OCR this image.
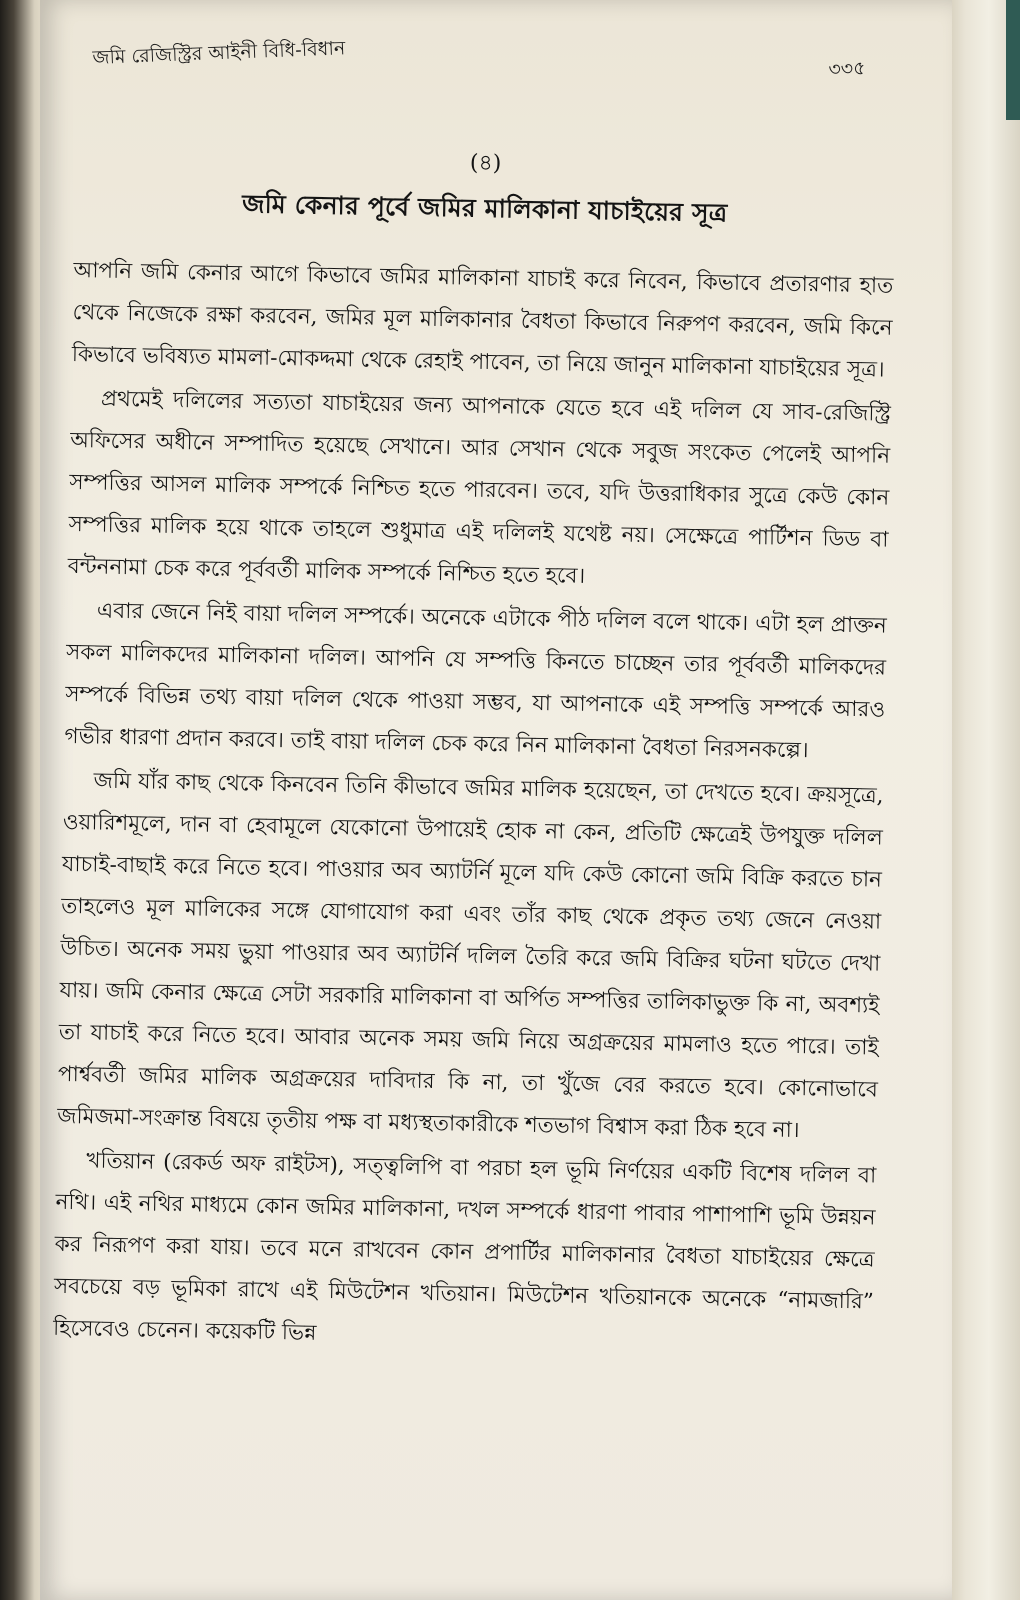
জমি রেজিস্ট্রির আইনী বিধি-বিধান
৩৩৫
(৪)
জমি কেনার পূর্বে জমির মালিকানা যাচাইয়ের সূত্র

আপনি জমি কেনার আগে কিভাবে জমির মালিকানা যাচাই করে নিবেন, কিভাবে প্রতারণার হাত থেকে নিজেকে রক্ষা করবেন, জমির মূল মালিকানার বৈধতা কিভাবে নিরুপণ করবেন, জমি কিনে কিভাবে ভবিষ্যত মামলা-মোকদ্দমা থেকে রেহাই পাবেন, তা নিয়ে জানুন মালিকানা যাচাইয়ের সূত্র।

প্রথমেই দলিলের সত্যতা যাচাইয়ের জন্য আপনাকে যেতে হবে এই দলিল যে সাব-রেজিস্ট্রি অফিসের অধীনে সম্পাদিত হয়েছে সেখানে। আর সেখান থেকে সবুজ সংকেত পেলেই আপনি সম্পত্তির আসল মালিক সম্পর্কে নিশ্চিত হতে পারবেন। তবে, যদি উত্তরাধিকার সুত্রে কেউ কোন সম্পত্তির মালিক হয়ে থাকে তাহলে শুধুমাত্র এই দলিলই যথেষ্ট নয়। সেক্ষেত্রে পার্টিশন ডিড বা বন্টননামা চেক করে পূর্ববর্তী মালিক সম্পর্কে নিশ্চিত হতে হবে।

এবার জেনে নিই বায়া দলিল সম্পর্কে। অনেকে এটাকে পীঠ দলিল বলে থাকে। এটা হল প্রাক্তন সকল মালিকদের মালিকানা দলিল। আপনি যে সম্পত্তি কিনতে চাচ্ছেন তার পূর্ববর্তী মালিকদের সম্পর্কে বিভিন্ন তথ্য বায়া দলিল থেকে পাওয়া সম্ভব, যা আপনাকে এই সম্পত্তি সম্পর্কে আরও গভীর ধারণা প্রদান করবে। তাই বায়া দলিল চেক করে নিন মালিকানা বৈধতা নিরসনকল্পে।

জমি যাঁর কাছ থেকে কিনবেন তিনি কীভাবে জমির মালিক হয়েছেন, তা দেখতে হবে। ক্রয়সূত্রে, ওয়ারিশমূলে, দান বা হেবামূলে যেকোনো উপায়েই হোক না কেন, প্রতিটি ক্ষেত্রেই উপযুক্ত দলিল যাচাই-বাছাই করে নিতে হবে। পাওয়ার অব অ্যাটর্নি মূলে যদি কেউ কোনো জমি বিক্রি করতে চান তাহলেও মূল মালিকের সঙ্গে যোগাযোগ করা এবং তাঁর কাছ থেকে প্রকৃত তথ্য জেনে নেওয়া উচিত। অনেক সময় ভুয়া পাওয়ার অব অ্যাটর্নি দলিল তৈরি করে জমি বিক্রির ঘটনা ঘটতে দেখা যায়। জমি কেনার ক্ষেত্রে সেটা সরকারি মালিকানা বা অর্পিত সম্পত্তির তালিকাভুক্ত কি না, অবশ্যই তা যাচাই করে নিতে হবে। আবার অনেক সময় জমি নিয়ে অগ্রক্রয়ের মামলাও হতে পারে। তাই পার্শ্ববর্তী জমির মালিক অগ্রক্রয়ের দাবিদার কি না, তা খুঁজে বের করতে হবে। কোনোভাবে জমিজমা-সংক্রান্ত বিষয়ে তৃতীয় পক্ষ বা মধ্যস্থতাকারীকে শতভাগ বিশ্বাস করা ঠিক হবে না।

খতিয়ান (রেকর্ড অফ রাইটস), সত্ত্বলিপি বা পরচা হল ভূমি নির্ণয়ের একটি বিশেষ দলিল বা নথি। এই নথির মাধ্যমে কোন জমির মালিকানা, দখল সম্পর্কে ধারণা পাবার পাশাপাশি ভূমি উন্নয়ন কর নিরূপণ করা যায়। তবে মনে রাখবেন কোন প্রপার্টির মালিকানার বৈধতা যাচাইয়ের ক্ষেত্রে সবচেয়ে বড় ভূমিকা রাখে এই মিউটেশন খতিয়ান। মিউটেশন খতিয়ানকে অনেকে “নামজারি” হিসেবেও চেনেন। কয়েকটি ভিন্ন
